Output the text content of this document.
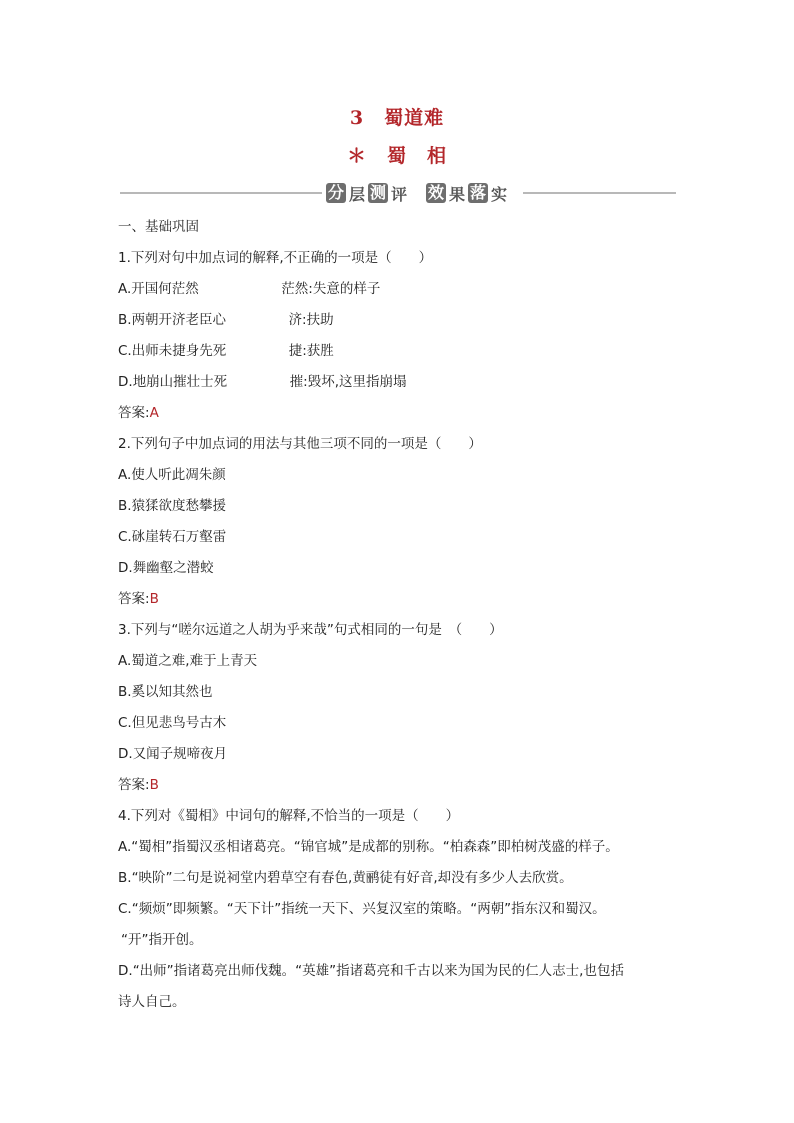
3　蜀道难
＊　蜀　相
分 层 测 评 效 果 落 实
一、基础巩固
1.下列对句中加点词的解释,不正确的一项是（　　）
A.开国何茫然	茫然:失意的样子
B.两朝开济老臣心	济:扶助
C.出师未捷身先死	捷:获胜
D.地崩山摧壮士死	摧:毁坏,这里指崩塌
答案:A
2.下列句子中加点词的用法与其他三项不同的一项是（　　）
A.使人听此凋朱颜
B.猿猱欲度愁攀援
C.砯崖转石万壑雷
D.舞幽壑之潜蛟
答案:B
3.下列与“嗟尔远道之人胡为乎来哉”句式相同的一句是　（　　）
A.蜀道之难,难于上青天
B.奚以知其然也
C.但见悲鸟号古木
D.又闻子规啼夜月
答案:B
4.下列对《蜀相》中词句的解释,不恰当的一项是（　　）
A.“蜀相”指蜀汉丞相诸葛亮。“锦官城”是成都的别称。“柏森森”即柏树茂盛的样子。
B.“映阶”二句是说祠堂内碧草空有春色,黄鹂徒有好音,却没有多少人去欣赏。
C.“频烦”即频繁。“天下计”指统一天下、兴复汉室的策略。“两朝”指东汉和蜀汉。
“开”指开创。
D.“出师”指诸葛亮出师伐魏。“英雄”指诸葛亮和千古以来为国为民的仁人志士,也包括
诗人自己。
